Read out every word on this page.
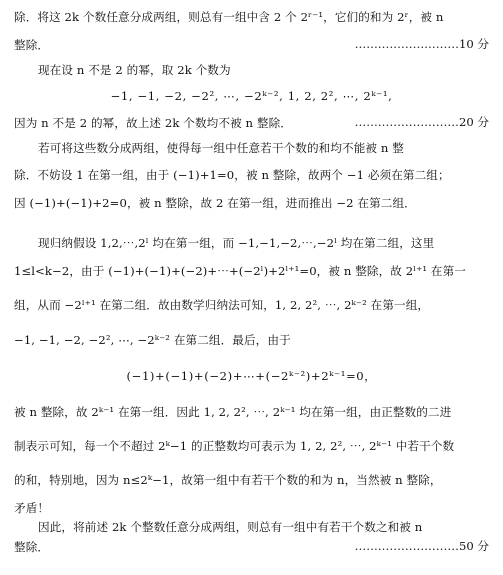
除．将这 2k 个数任意分成两组，则总有一组中含 2 个 2ʳ⁻¹，它们的和为 2ʳ，被 n
整除．	………………………10 分
现在设 n 不是 2 的幂，取 2k 个数为
−1, −1, −2, −2², ⋯, −2ᵏ⁻², 1, 2, 2², ⋯, 2ᵏ⁻¹,
因为 n 不是 2 的幂，故上述 2k 个数均不被 n 整除．	………………………20 分
若可将这些数分成两组，使得每一组中任意若干个数的和均不能被 n 整
除．不妨设 1 在第一组，由于 (−1)+1=0，被 n 整除，故两个 −1 必须在第二组；
因 (−1)+(−1)+2=0，被 n 整除，故 2 在第一组，进而推出 −2 在第二组．
现归纳假设 1,2,⋯,2ˡ 均在第一组，而 −1,−1,−2,⋯,−2ˡ 均在第二组，这里
1≤l<k−2，由于 (−1)+(−1)+(−2)+⋯+(−2ˡ)+2ˡ⁺¹=0，被 n 整除，故 2ˡ⁺¹ 在第一
组，从而 −2ˡ⁺¹ 在第二组．故由数学归纳法可知，1, 2, 2², ⋯, 2ᵏ⁻² 在第一组，
−1, −1, −2, −2², ⋯, −2ᵏ⁻² 在第二组．最后，由于
(−1)+(−1)+(−2)+⋯+(−2ᵏ⁻²)+2ᵏ⁻¹=0，
被 n 整除，故 2ᵏ⁻¹ 在第一组．因此 1, 2, 2², ⋯, 2ᵏ⁻¹ 均在第一组，由正整数的二进
制表示可知，每一个不超过 2ᵏ−1 的正整数均可表示为 1, 2, 2², ⋯, 2ᵏ⁻¹ 中若干个数
的和，特别地，因为 n≤2ᵏ−1，故第一组中有若干个数的和为 n，当然被 n 整除，
矛盾！
因此，将前述 2k 个整数任意分成两组，则总有一组中有若干个数之和被 n
整除．	………………………50 分
